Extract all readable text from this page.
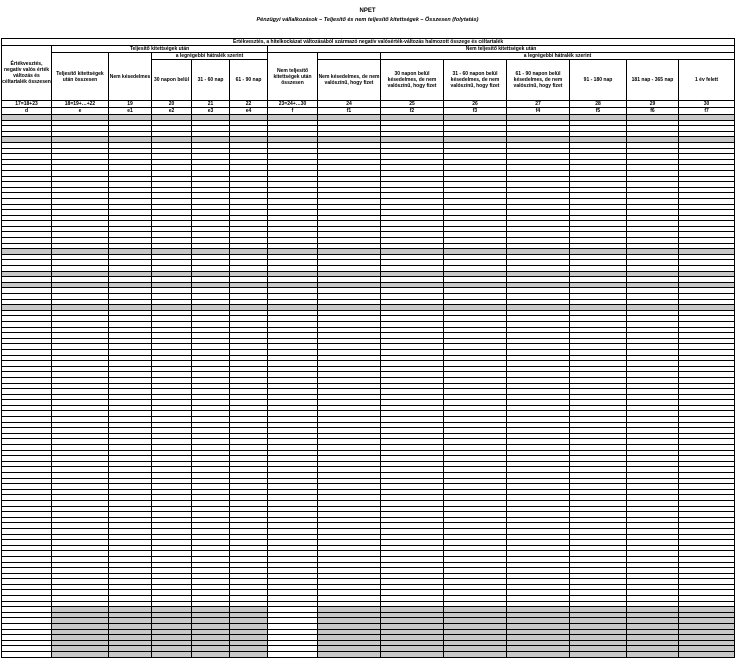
NPET
Pénzügyi vállalkozások – Teljesítő és nem teljesítő kitettségek – Összesen (folytatás)
Értékvesztés, a hitelkockázat változásából származó negatív valósérték-változás halmozott összege és céltartalék													
Értékvesztés, negatív valós érték változás és céltartalék összesen	Teljesítő kitettségek után					Nem teljesítő kitettségek után							
	Teljesítő kitettségek után összesen	Nem késedelmes	a legrégebbi hátralék szerint			Nem teljesítő kitettségek után összesen		a legrégebbi hátralék szerint					
			30 napon belül	31 - 60 nap	61 - 90 nap		Nem késedelmes, de nem valószínű, hogy fizet	30 napon belül késedelmes, de nem valószínű, hogy fizet	31 - 60 napon belül késedelmes, de nem valószínű, hogy fizet	61 - 90 napon belül késedelmes, de nem valószínű, hogy fizet	91 - 180 nap	181 nap - 365 nap	1 év felett
17=18+23	18=19+…+22	19	20	21	22	23=24+…30	24	25	26	27	28	29	30
d	e	e1	e2	e3	e4	f	f1	f2	f3	f4	f5	f6	f7
